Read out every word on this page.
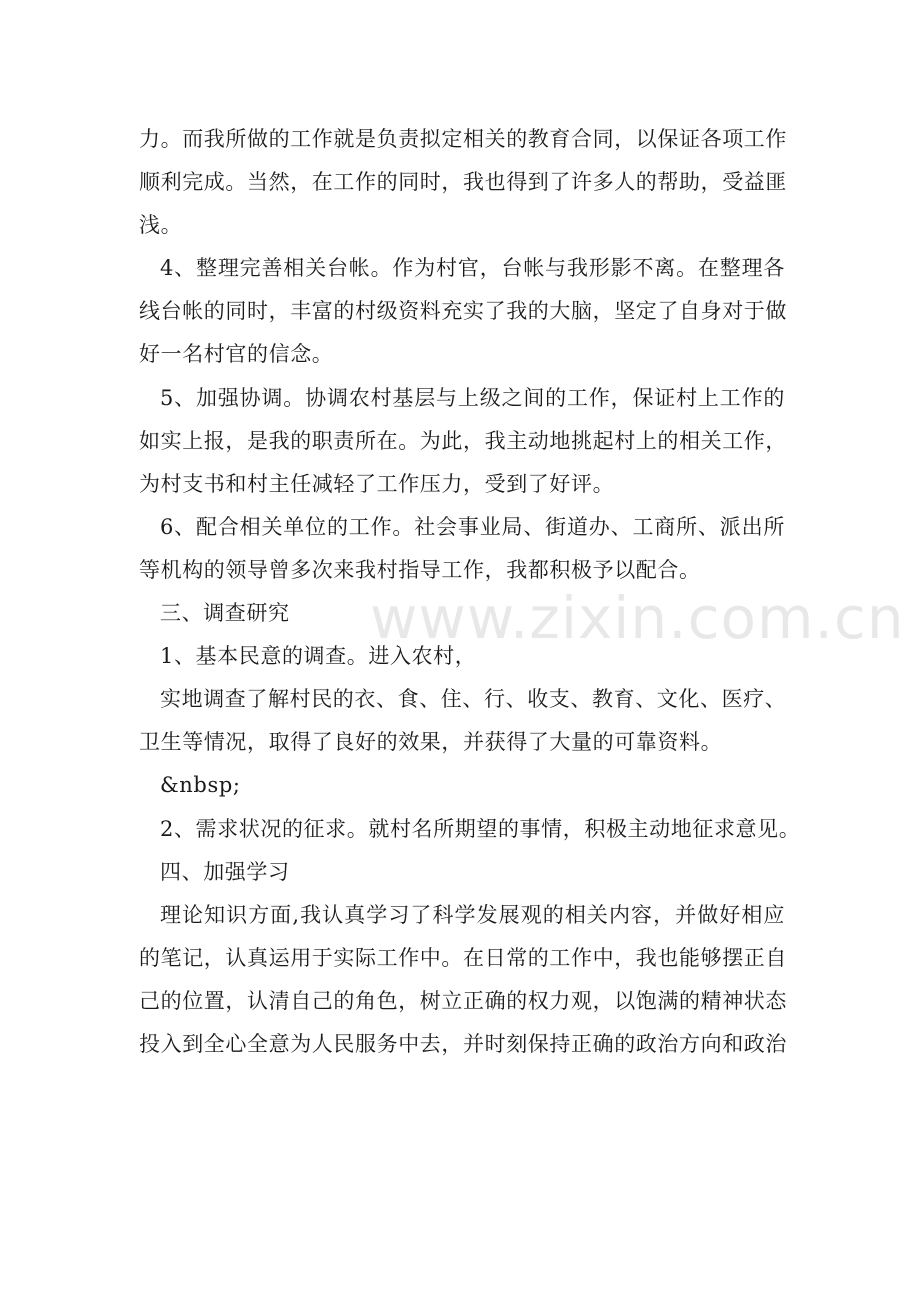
力。而我所做的工作就是负责拟定相关的教育合同，以保证各项工作
顺利完成。当然，在工作的同时，我也得到了许多人的帮助，受益匪
浅。
4、整理完善相关台帐。作为村官，台帐与我形影不离。在整理各
线台帐的同时，丰富的村级资料充实了我的大脑，坚定了自身对于做
好一名村官的信念。
5、加强协调。协调农村基层与上级之间的工作，保证村上工作的
如实上报，是我的职责所在。为此，我主动地挑起村上的相关工作，
为村支书和村主任减轻了工作压力，受到了好评。
6、配合相关单位的工作。社会事业局、街道办、工商所、派出所
等机构的领导曾多次来我村指导工作，我都积极予以配合。
三、调查研究
1、基本民意的调查。进入农村，
实地调查了解村民的衣、食、住、行、收支、教育、文化、医疗、
卫生等情况，取得了良好的效果，并获得了大量的可靠资料。
&nbsp;
2、需求状况的征求。就村名所期望的事情，积极主动地征求意见。
四、加强学习
理论知识方面,我认真学习了科学发展观的相关内容，并做好相应
的笔记，认真运用于实际工作中。在日常的工作中，我也能够摆正自
己的位置，认清自己的角色，树立正确的权力观，以饱满的精神状态
投入到全心全意为人民服务中去，并时刻保持正确的政治方向和政治
www.zixin.com.cn
